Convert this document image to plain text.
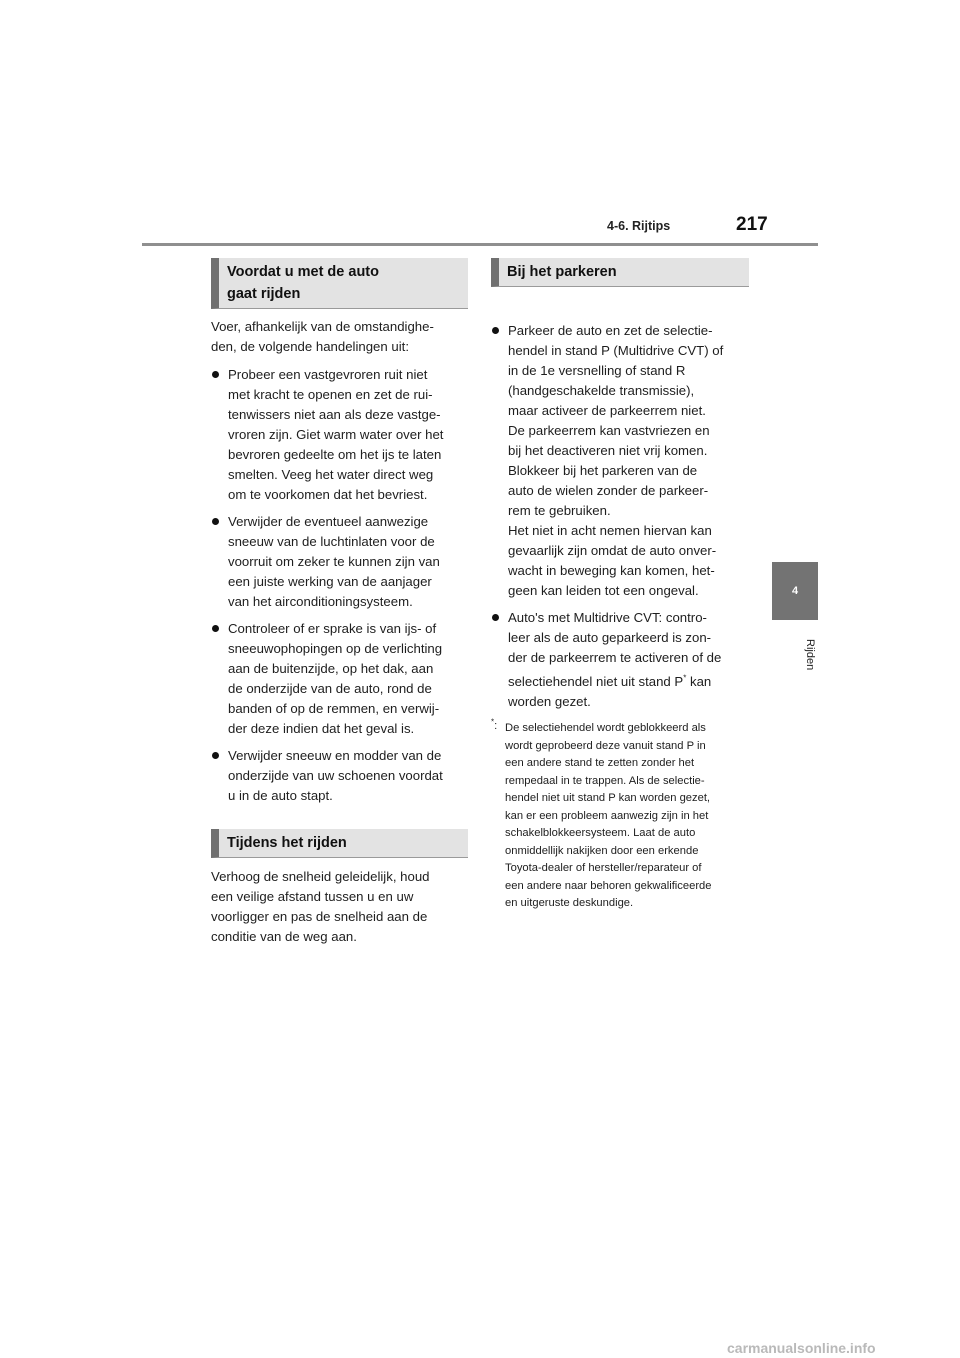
4-6. Rijtips	217
4
Rijden
Voordat u met de auto
gaat rijden

Voer, afhankelijk van de omstandighe-
den, de volgende handelingen uit:

Probeer een vastgevroren ruit niet
met kracht te openen en zet de rui-
tenwissers niet aan als deze vastge-
vroren zijn. Giet warm water over het
bevroren gedeelte om het ijs te laten
smelten. Veeg het water direct weg
om te voorkomen dat het bevriest.
Verwijder de eventueel aanwezige
sneeuw van de luchtinlaten voor de
voorruit om zeker te kunnen zijn van
een juiste werking van de aanjager
van het airconditioningsysteem.
Controleer of er sprake is van ijs- of
sneeuwophopingen op de verlichting
aan de buitenzijde, op het dak, aan
de onderzijde van de auto, rond de
banden of op de remmen, en verwij-
der deze indien dat het geval is.
Verwijder sneeuw en modder van de
onderzijde van uw schoenen voordat
u in de auto stapt.
Tijdens het rijden

Verhoog de snelheid geleidelijk, houd
een veilige afstand tussen u en uw
voorligger en pas de snelheid aan de
conditie van de weg aan.

Bij het parkeren
Parkeer de auto en zet de selectie-
hendel in stand P (Multidrive CVT) of
in de 1e versnelling of stand R
(handgeschakelde transmissie),
maar activeer de parkeerrem niet.
De parkeerrem kan vastvriezen en
bij het deactiveren niet vrij komen.
Blokkeer bij het parkeren van de
auto de wielen zonder de parkeer-
rem te gebruiken.
Het niet in acht nemen hiervan kan
gevaarlijk zijn omdat de auto onver-
wacht in beweging kan komen, het-
geen kan leiden tot een ongeval.
Auto's met Multidrive CVT: contro-
leer als de auto geparkeerd is zon-
der de parkeerrem te activeren of de
selectiehendel niet uit stand P* kan
worden gezet.
*: De selectiehendel wordt geblokkeerd als
wordt geprobeerd deze vanuit stand P in
een andere stand te zetten zonder het
rempedaal in te trappen. Als de selectie-
hendel niet uit stand P kan worden gezet,
kan er een probleem aanwezig zijn in het
schakelblokkeersysteem. Laat de auto
onmiddellijk nakijken door een erkende
Toyota-dealer of hersteller/reparateur of
een andere naar behoren gekwalificeerde
en uitgeruste deskundige.
carmanualsonline.info
